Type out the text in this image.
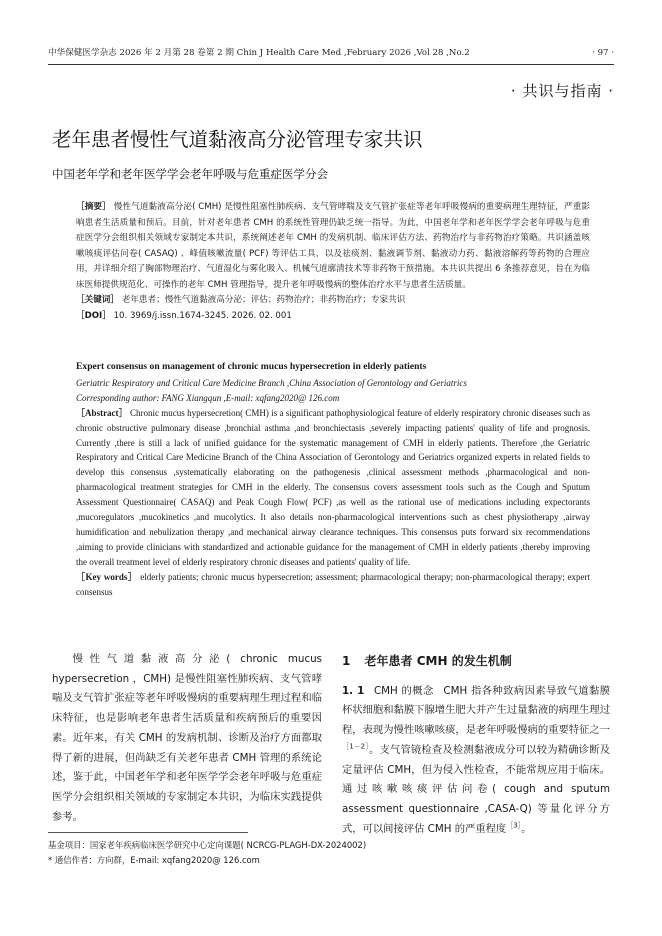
中华保健医学杂志 2026 年 2 月第 28 卷第 2 期 Chin J Health Care Med ,February 2026 ,Vol 28 ,No.2	· 97 ·
· 共识与指南 ·
老年患者慢性气道黏液高分泌管理专家共识
中国老年学和老年医学学会老年呼吸与危重症医学分会

［摘要］ 慢性气道黏液高分泌( CMH) 是慢性阻塞性肺疾病、支气管哮喘及支气管扩张症等老年呼吸慢病的重要病理生理特征，严重影响患者生活质量和预后。目前，针对老年患者 CMH 的系统性管理仍缺乏统一指导。为此，中国老年学和老年医学学会老年呼吸与危重症医学分会组织相关领域专家制定本共识，系统阐述老年 CMH 的发病机制、临床评估方法、药物治疗与非药物治疗策略。共识涵盖咳嗽咳痰评估问卷( CASAQ) 、峰值咳嗽流量( PCF) 等评估工具，以及祛痰剂、黏液调节剂、黏液动力药、黏液溶解药等药物的合理应用，并详细介绍了胸部物理治疗、气道湿化与雾化吸入、机械气道廓清技术等非药物干预措施。本共识共提出 6 条推荐意见，旨在为临床医师提供规范化、可操作的老年 CMH 管理指导，提升老年呼吸慢病的整体治疗水平与患者生活质量。

［关键词］ 老年患者；慢性气道黏液高分泌；评估；药物治疗；非药物治疗；专家共识

［DOI］ 10. 3969/j.issn.1674-3245. 2026. 02. 001

Expert consensus on management of chronic mucus hypersecretion in elderly patients

Geriatric Respiratory and Critical Care Medicine Branch ,China Association of Gerontology and Geriatrics

Corresponding author: FANG Xiangqun ,E-mail: xqfang2020@ 126.com

［Abstract］ Chronic mucus hypersecretion( CMH) is a significant pathophysiological feature of elderly respiratory chronic diseases such as chronic obstructive pulmonary disease ,bronchial asthma ,and bronchiectasis ,severely impacting patients' quality of life and prognosis. Currently ,there is still a lack of unified guidance for the systematic management of CMH in elderly patients. Therefore ,the Geriatric Respiratory and Critical Care Medicine Branch of the China Association of Gerontology and Geriatrics organized experts in related fields to develop this consensus ,systematically elaborating on the pathogenesis ,clinical assessment methods ,pharmacological and non-pharmacological treatment strategies for CMH in the elderly. The consensus covers assessment tools such as the Cough and Sputum Assessment Questionnaire( CASAQ) and Peak Cough Flow( PCF) ,as well as the rational use of medications including expectorants ,mucoregulators ,mucokinetics ,and mucolytics. It also details non-pharmacological interventions such as chest physiotherapy ,airway humidification and nebulization therapy ,and mechanical airway clearance techniques. This consensus puts forward six recommendations ,aiming to provide clinicians with standardized and actionable guidance for the management of CMH in elderly patients ,thereby improving the overall treatment level of elderly respiratory chronic diseases and patients' quality of life.

［Key words］ elderly patients; chronic mucus hypersecretion; assessment; pharmacological therapy; non-pharmacological therapy; expert consensus

慢性气道黏液高分泌( chronic mucus hypersecretion ，CMH) 是慢性阻塞性肺疾病、支气管哮喘及支气管扩张症等老年呼吸慢病的重要病理生理过程和临床特征，也是影响老年患者生活质量和疾病预后的重要因素。近年来，有关 CMH 的发病机制、诊断及治疗方面都取得了新的进展，但尚缺乏有关老年患者 CMH 管理的系统论述，鉴于此，中国老年学和老年医学学会老年呼吸与危重症医学分会组织相关领域的专家制定本共识，为临床实践提供参考。

1 老年患者 CMH 的发生机制

1. 1 CMH 的概念 CMH 指各种致病因素导致气道黏膜杯状细胞和黏膜下腺增生肥大并产生过量黏液的病理生理过程，表现为慢性咳嗽咳痰，是老年呼吸慢病的重要特征之一$^{[1-2]}$。支气管镜检查及检测黏液成分可以较为精确诊断及定量评估 CMH，但为侵入性检查，不能常规应用于临床。通过咳嗽咳痰评估问卷( cough and sputum assessment questionnaire ,CASA-Q) 等量化评分方式，可以间接评估 CMH 的严重程度$^{[3]}$。

基金项目：国家老年疾病临床医学研究中心定向课题( NCRCG-PLAGH-DX-2024002)

* 通信作者：方向群，E-mail: xqfang2020@ 126.com
